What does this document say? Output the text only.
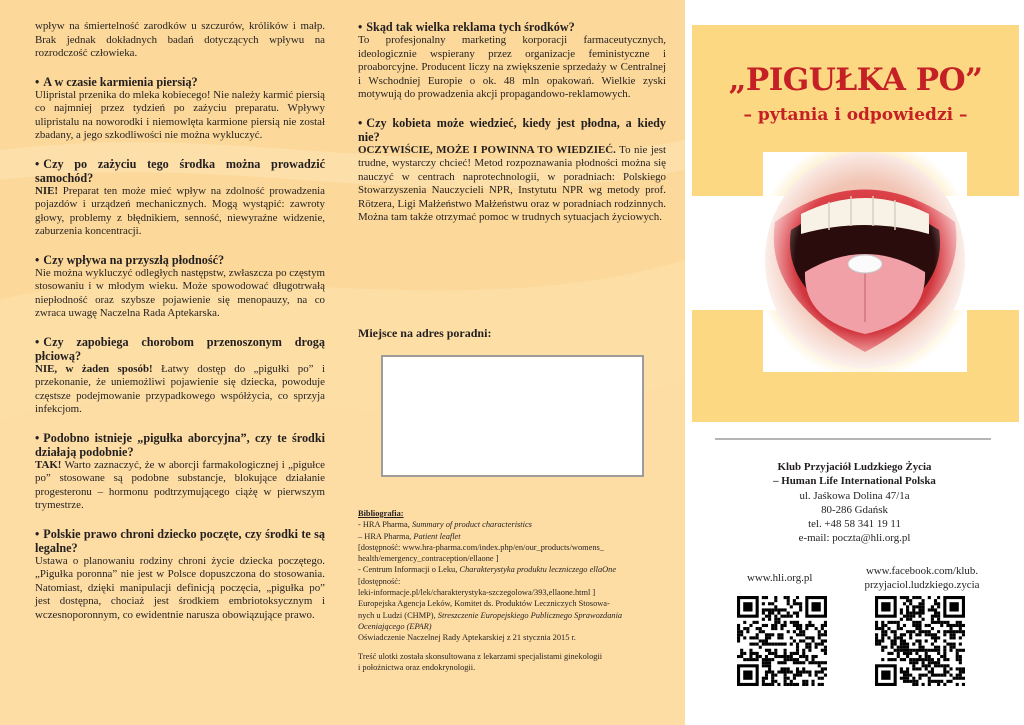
wpływ na śmiertelność zarodków u szczurów, królików i małp. Brak jednak dokładnych badań dotyczących wpływu na rozrodczość człowieka.
• A w czasie karmienia piersią?
Ulipristal przenika do mleka kobiecego! Nie należy karmić piersią co najmniej przez tydzień po zażyciu preparatu. Wpływy ulipristalu na noworodki i niemowlęta karmione piersią nie został zbadany, a jego szkodliwości nie można wykluczyć.
• Czy po zażyciu tego środka można prowadzić samochód?
NIE! Preparat ten może mieć wpływ na zdolność prowadzenia pojazdów i urządzeń mechanicznych. Mogą wystąpić: zawroty głowy, problemy z błędnikiem, senność, niewyraźne widzenie, zaburzenia koncentracji.
• Czy wpływa na przyszłą płodność?
Nie można wykluczyć odległych następstw, zwłaszcza po częstym stosowaniu i w młodym wieku. Może spowodować długotrwałą niepłodność oraz szybsze pojawienie się menopauzy, na co zwraca uwagę Naczelna Rada Aptekarska.
• Czy zapobiega chorobom przenoszonym drogą płciową?
NIE, w żaden sposób! Łatwy dostęp do „pigułki po” i przekonanie, że uniemożliwi pojawienie się dziecka, powoduje częstsze podejmowanie przypadkowego współżycia, co sprzyja infekcjom.
• Podobno istnieje „pigułka aborcyjna”, czy te środki działają podobnie?
TAK! Warto zaznaczyć, że w aborcji farmakologicznej i „pigułce po” stosowane są podobne substancje, blokujące działanie progesteronu – hormonu podtrzymującego ciążę w pierwszym trymestrze.
• Polskie prawo chroni dziecko poczęte, czy środki te są legalne?
Ustawa o planowaniu rodziny chroni życie dziecka poczętego. „Pigułka poronna” nie jest w Polsce dopuszczona do stosowania. Natomiast, dzięki manipulacji definicją poczęcia, „pigułka po” jest dostępna, chociaż jest środkiem embriotoksycznym i wczesnoporonnym, co ewidentnie narusza obowiązujące prawo.
• Skąd tak wielka reklama tych środków?
To profesjonalny marketing korporacji farmaceutycznych, ideologicznie wspierany przez organizacje feministyczne i proaborcyjne. Producent liczy na zwiększenie sprzedaży w Centralnej i Wschodniej Europie o ok. 48 mln opakowań. Wielkie zyski motywują do prowadzenia akcji propagandowo-reklamowych.
• Czy kobieta może wiedzieć, kiedy jest płodna, a kiedy nie?
OCZYWIŚCIE, MOŻE I POWINNA TO WIEDZIEĆ. To nie jest trudne, wystarczy chcieć! Metod rozpoznawania płodności można się nauczyć w centrach naprotechnologii, w poradniach: Polskiego Stowarzyszenia Nauczycieli NPR, Instytutu NPR wg metody prof. Rötzera, Ligi Małżeństwo Małżeństwu oraz w poradniach rodzinnych. Można tam także otrzymać pomoc w trudnych sytuacjach życiowych.
Miejsce na adres poradni:
Bibliografia:
- HRA Pharma, Summary of product characteristics
– HRA Pharma, Patient leaflet
[dostępność: www.hra-pharma.com/index.php/en/our_products/womens_
health/emergency_contraception/ellaone ]
- Centrum Informacji o Leku, Charakterystyka produktu leczniczego ellaOne
[dostępność:
leki-informacje.pl/lek/charakterystyka-szczegolowa/393,ellaone.html ]
Europejska Agencja Leków, Komitet ds. Produktów Leczniczych Stosowa-
nych u Ludzi (CHMP), Streszczenie Europejskiego Publicznego Sprawozdania
Oceniającego (EPAR)
Oświadczenie Naczelnej Rady Aptekarskiej z 21 stycznia 2015 r.
Treść ulotki została skonsultowana z lekarzami specjalistami ginekologii
i położnictwa oraz endokrynologii.
„PIGUŁKA PO”
– pytania i odpowiedzi –
Klub Przyjaciół Ludzkiego Życia
– Human Life International Polska
ul. Jaśkowa Dolina 47/1a
80-286 Gdańsk
tel. +48 58 341 19 11
e-mail: poczta@hli.org.pl
www.hli.org.pl
www.facebook.com/klub.
przyjaciol.ludzkiego.zycia
